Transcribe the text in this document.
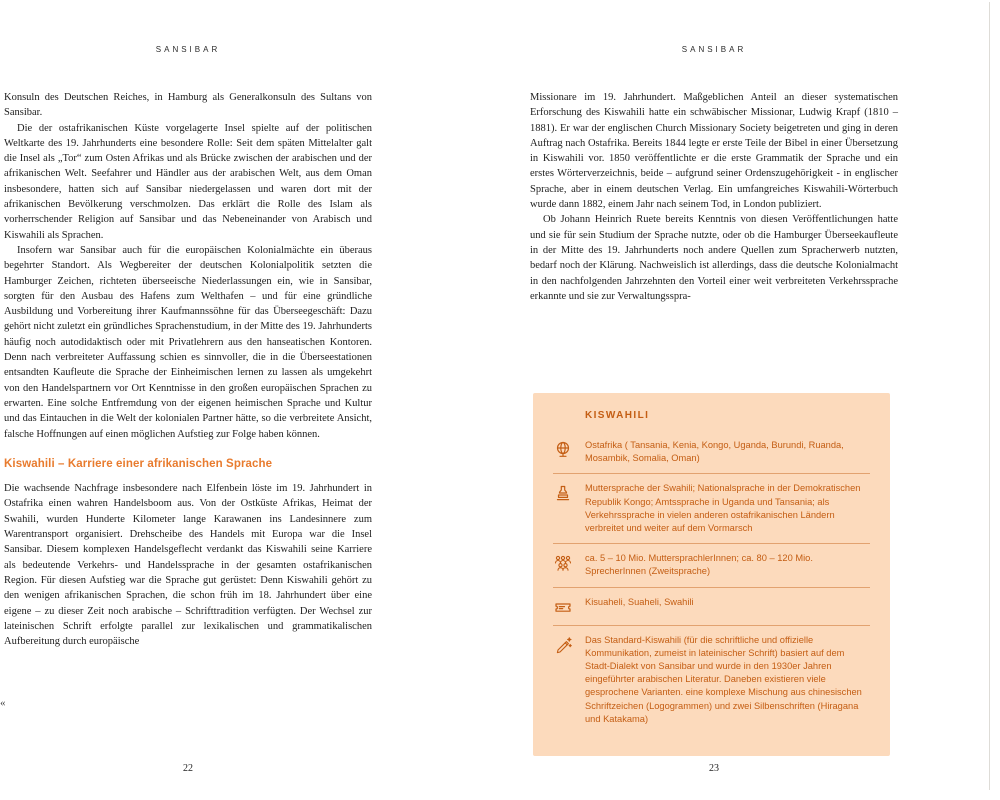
SANSIBAR

Konsuln des Deutschen Reiches, in Hamburg als Generalkonsuln des Sultans von Sansibar.

Die der ostafrikanischen Küste vorgelagerte Insel spielte auf der politischen Weltkarte des 19. Jahrhunderts eine besondere Rolle: Seit dem späten Mittelalter galt die Insel als „Tor“ zum Osten Afrikas und als Brücke zwischen der arabischen und der afrikanischen Welt. Seefahrer und Händler aus der arabischen Welt, aus dem Oman insbesondere, hatten sich auf Sansibar niedergelassen und waren dort mit der afrikanischen Bevölkerung verschmolzen. Das erklärt die Rolle des Islam als vorherrschender Religion auf Sansibar und das Nebeneinander von Arabisch und Kiswahili als Sprachen.

Insofern war Sansibar auch für die europäischen Kolonialmächte ein überaus begehrter Standort. Als Wegbereiter der deutschen Kolonialpolitik setzten die Hamburger Zeichen, richteten überseeische Niederlassungen ein, wie in Sansibar, sorgten für den Ausbau des Hafens zum Welthafen – und für eine gründliche Ausbildung und Vorbereitung ihrer Kaufmannssöhne für das Überseegeschäft: Dazu gehört nicht zuletzt ein gründliches Sprachenstudium, in der Mitte des 19. Jahrhunderts häufig noch autodidaktisch oder mit Privatlehrern aus den hanseatischen Kontoren. Denn nach verbreiteter Auffassung schien es sinnvoller, die in die Überseestationen entsandten Kaufleute die Sprache der Einheimischen lernen zu lassen als umgekehrt von den Handelspartnern vor Ort Kenntnisse in den großen europäischen Sprachen zu erwarten. Eine solche Entfremdung von der eigenen heimischen Sprache und Kultur und das Eintauchen in die Welt der kolonialen Partner hätte, so die verbreitete Ansicht, falsche Hoffnungen auf einen möglichen Aufstieg zur Folge haben können.

Kiswahili – Karriere einer afrikanischen Sprache

Die wachsende Nachfrage insbesondere nach Elfenbein löste im 19. Jahrhundert in Ostafrika einen wahren Handelsboom aus. Von der Ostküste Afrikas, Heimat der Swahili, wurden Hunderte Kilometer lange Karawanen ins Landesinnere zum Warentransport organisiert. Drehscheibe des Handels mit Europa war die Insel Sansibar. Diesem komplexen Handelsgeflecht verdankt das Kiswahili seine Karriere als bedeutende Verkehrs- und Handelssprache in der gesamten ostafrikanischen Region. Für diesen Aufstieg war die Sprache gut gerüstet: Denn Kiswahili gehört zu den wenigen afrikanischen Sprachen, die schon früh im 18. Jahrhundert über eine eigene – zu dieser Zeit noch arabische – Schrifttradition verfügten. Der Wechsel zur lateinischen Schrift erfolgte parallel zur lexikalischen und grammatikalischen Aufbereitung durch europäische

22
SANSIBAR

Missionare im 19. Jahrhundert. Maßgeblichen Anteil an dieser systematischen Erforschung des Kiswahili hatte ein schwäbischer Missionar, Ludwig Krapf (1810 – 1881). Er war der englischen Church Missionary Society beigetreten und ging in deren Auftrag nach Ostafrika. Bereits 1844 legte er erste Teile der Bibel in einer Übersetzung in Kiswahili vor. 1850 veröffentlichte er die erste Grammatik der Sprache und ein erstes Wörterverzeichnis, beide – aufgrund seiner Ordenszugehörigkeit - in englischer Sprache, aber in einem deutschen Verlag. Ein umfangreiches Kiswahili-Wörterbuch wurde dann 1882, einem Jahr nach seinem Tod, in London publiziert.

Ob Johann Heinrich Ruete bereits Kenntnis von diesen Veröffentlichungen hatte und sie für sein Studium der Sprache nutzte, oder ob die Hamburger Überseekaufleute in der Mitte des 19. Jahrhunderts noch andere Quellen zum Spracherwerb nutzten, bedarf noch der Klärung. Nachweislich ist allerdings, dass die deutsche Kolonialmacht in den nachfolgenden Jahrzehnten den Vorteil einer weit verbreiteten Verkehrssprache erkannte und sie zur Verwaltungsspra-

KISWAHILI
Ostafrika ( Tansania, Kenia, Kongo, Uganda, Burundi, Ruanda, Mosambik, Somalia, Oman)
Muttersprache der Swahili; Nationalsprache in der Demokratischen Republik Kongo; Amtssprache in Uganda und Tansania; als Verkehrssprache in vielen anderen ostafrikanischen Ländern verbreitet und weiter auf dem Vormarsch
ca. 5 – 10 Mio. MuttersprachlerInnen; ca. 80 – 120 Mio. SprecherInnen (Zweitsprache)
Kisuaheli, Suaheli, Swahili
Das Standard-Kiswahili (für die schriftliche und offizielle Kommunikation, zumeist in lateinischer Schrift) basiert auf dem Stadt-Dialekt von Sansibar und wurde in den 1930er Jahren eingeführter arabischen Literatur. Daneben existieren viele gesprochene Varianten. eine komplexe Mischung aus chinesischen Schriftzeichen (Logogrammen) und zwei Silbenschriften (Hiragana und Katakama)
23
«
